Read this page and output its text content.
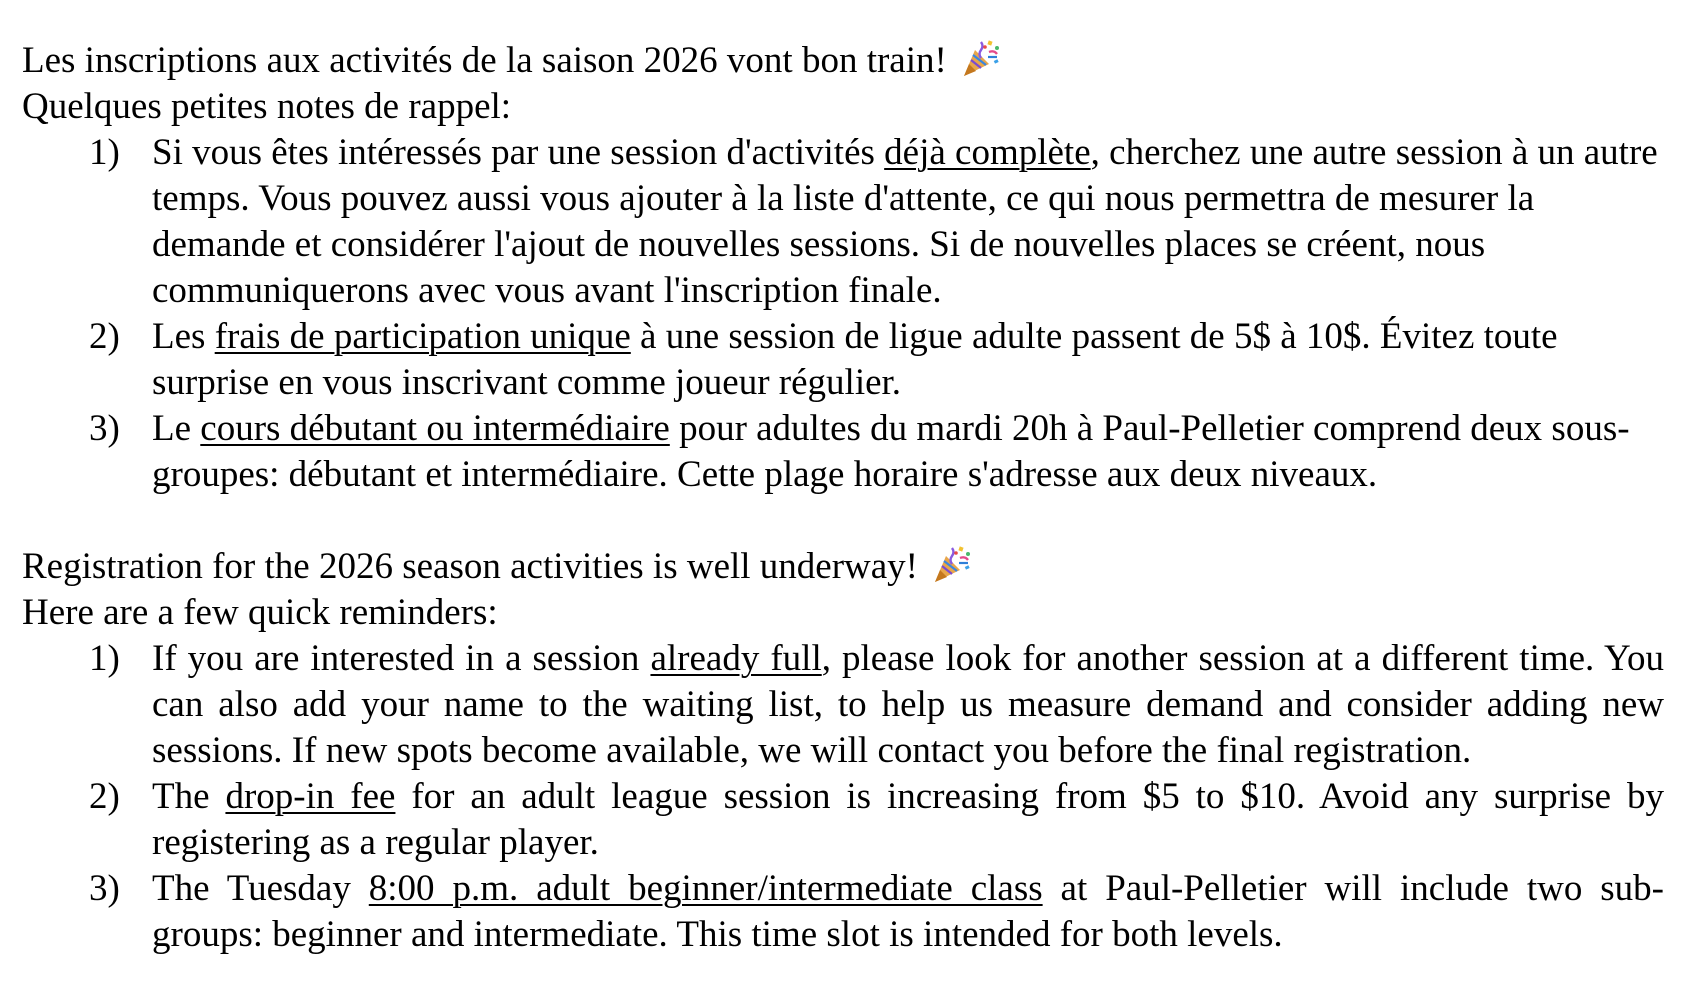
Les inscriptions aux activités de la saison 2026 vont bon train!
Quelques petites notes de rappel:
1) Si vous êtes intéressés par une session d'activités déjà complète, cherchez une autre session à un autre temps. Vous pouvez aussi vous ajouter à la liste d'attente, ce qui nous permettra de mesurer la demande et considérer l'ajout de nouvelles sessions. Si de nouvelles places se créent, nous communiquerons avec vous avant l'inscription finale.
2) Les frais de participation unique à une session de ligue adulte passent de 5$ à 10$. Évitez toute surprise en vous inscrivant comme joueur régulier.
3) Le cours débutant ou intermédiaire pour adultes du mardi 20h à Paul-Pelletier comprend deux sous-groupes: débutant et intermédiaire. Cette plage horaire s'adresse aux deux niveaux.
Registration for the 2026 season activities is well underway!
Here are a few quick reminders:
1) If you are interested in a session already full, please look for another session at a different time. You can also add your name to the waiting list, to help us measure demand and consider adding new sessions. If new spots become available, we will contact you before the final registration.
2) The drop-in fee for an adult league session is increasing from $5 to $10. Avoid any surprise by registering as a regular player.
3) The Tuesday 8:00 p.m. adult beginner/intermediate class at Paul-Pelletier will include two sub-groups: beginner and intermediate. This time slot is intended for both levels.
